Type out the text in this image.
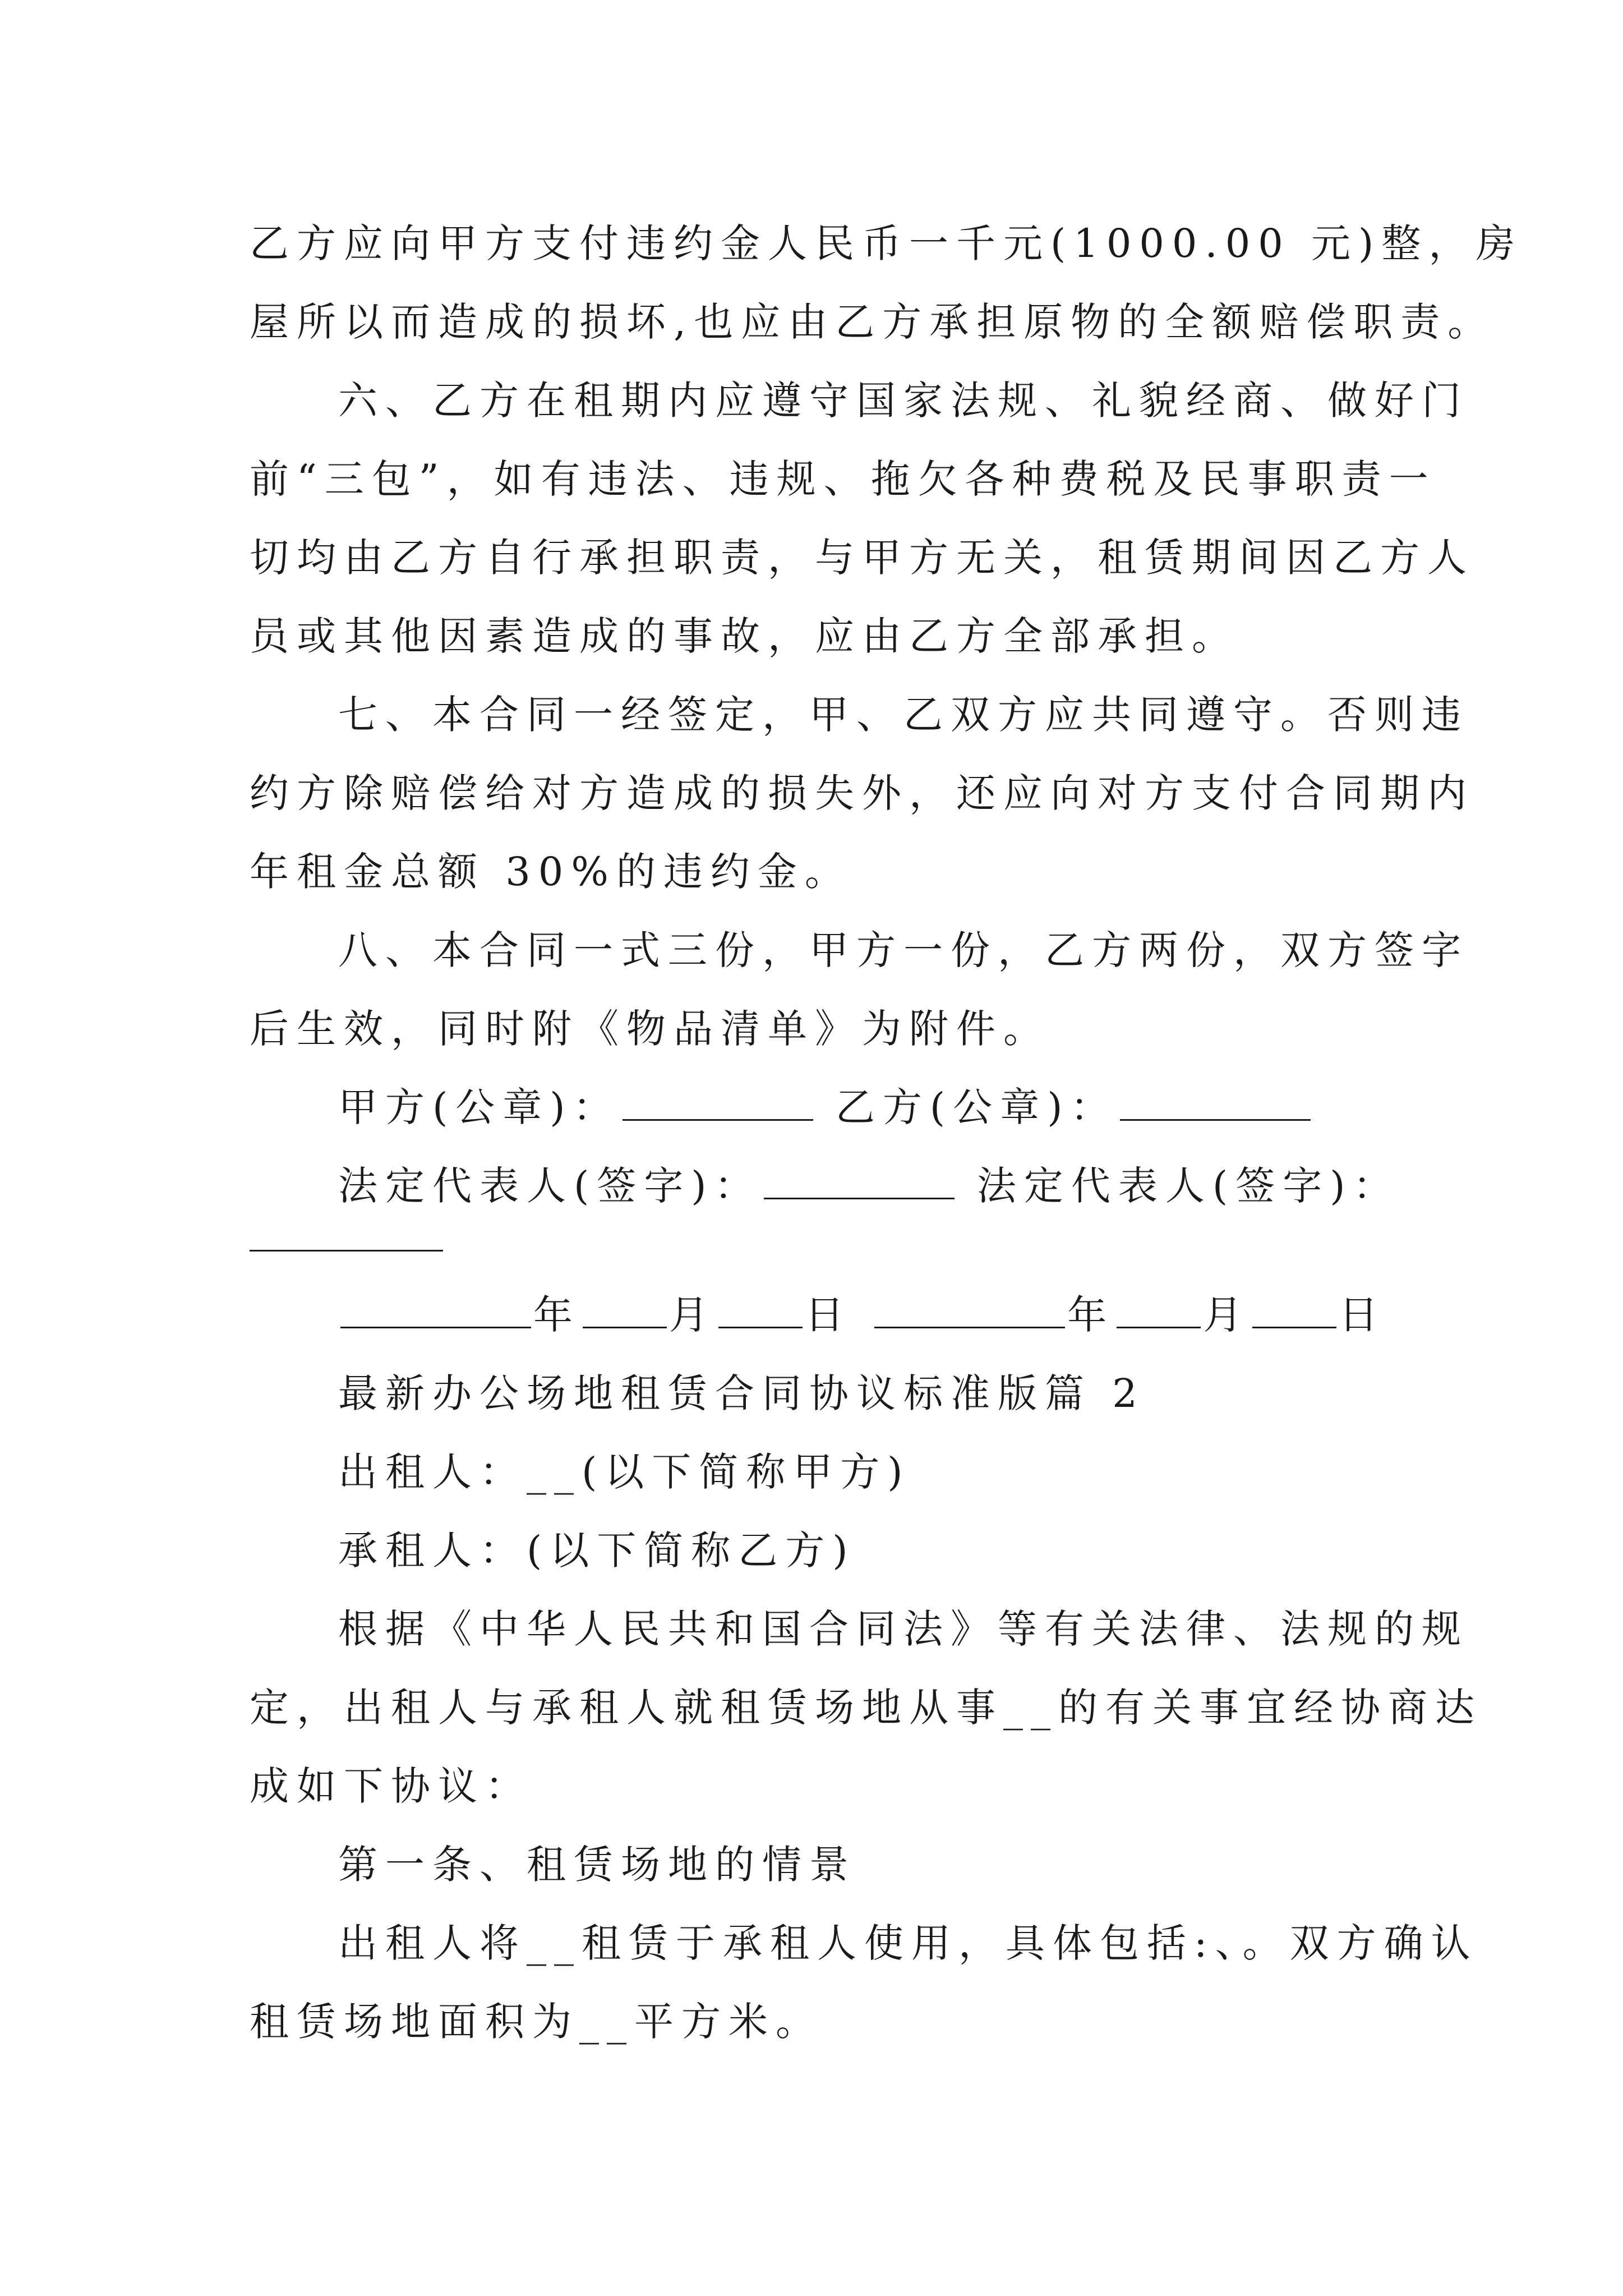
乙方应向甲方支付违约金人民币一千元(1000.00 元)整，房
屋所以而造成的损坏,也应由乙方承担原物的全额赔偿职责。
六、乙方在租期内应遵守国家法规、礼貌经商、做好门
前“三包”，如有违法、违规、拖欠各种费税及民事职责一
切均由乙方自行承担职责，与甲方无关，租赁期间因乙方人
员或其他因素造成的事故，应由乙方全部承担。
七、本合同一经签定，甲、乙双方应共同遵守。否则违
约方除赔偿给对方造成的损失外，还应向对方支付合同期内
年租金总额 30%的违约金。
八、本合同一式三份，甲方一份，乙方两份，双方签字
后生效，同时附《物品清单》为附件。
甲方(公章)：	乙方(公章)：
法定代表人(签字)：	法定代表人(签字)：
年 月 日	年 月 日
最新办公场地租赁合同协议标准版篇 2
出租人：__(以下简称甲方)
承租人：(以下简称乙方)
根据《中华人民共和国合同法》等有关法律、法规的规
定，出租人与承租人就租赁场地从事__的有关事宜经协商达
成如下协议：
第一条、租赁场地的情景
出租人将__租赁于承租人使用，具体包括:、。双方确认
租赁场地面积为__平方米。
